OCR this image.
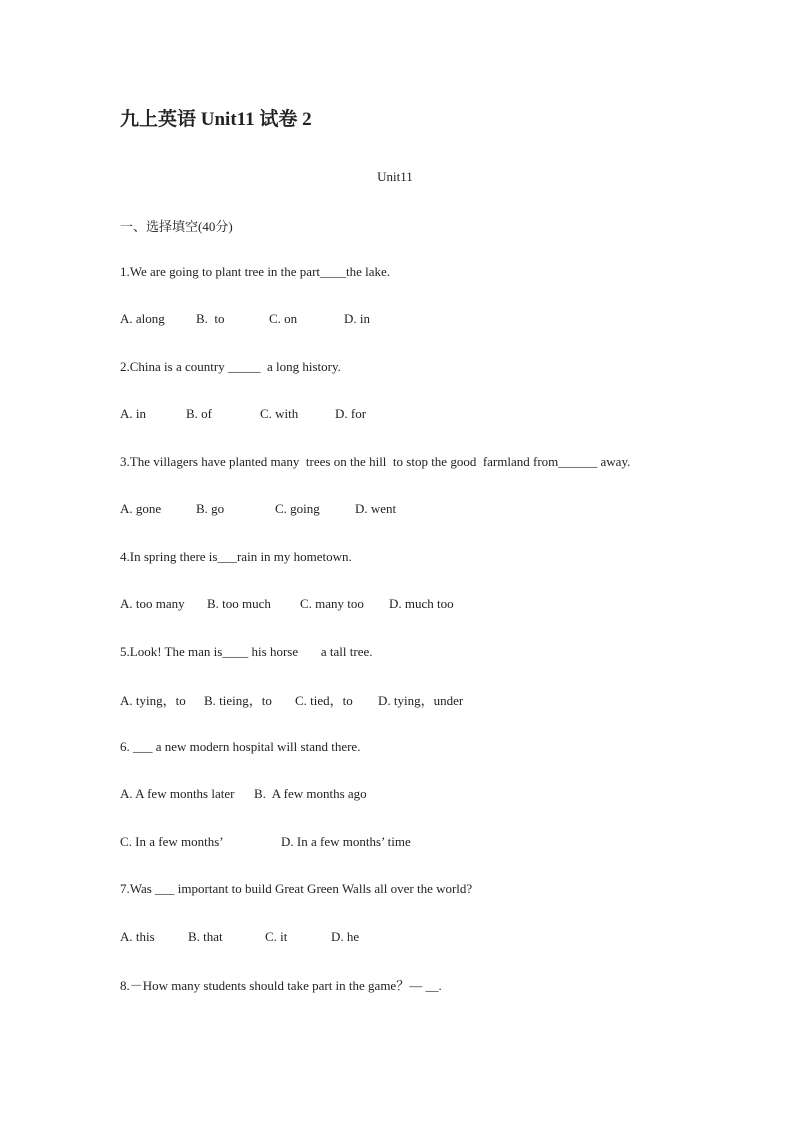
九上英语 Unit11 试卷 2
Unit11
一、选择填空(40分)
1.We are going to plant tree in the part____the lake.

A. along

B.  to

	C. on

	D. in

2.China is a country _____  a long history.

A. in

	B. of

	C. with

	D. for

3.The villagers have planted many  trees on the hill  to stop the good  farmland from______ away.

A. gone

	B. go

	C. going

	D. went

4.In spring there is___rain in my hometown.

A. too many

B. too much

C. many too

D. much too

5.Look! The man is____ his horse       a tall tree.

A. tying，to

B. tieing，to

C. tied，to

D. tying，under

6. ___ a new modern hospital will stand there.

A. A few months later

B.  A few months ago

C. In a few months’

	D. In a few months’ time

7.Was ___ important to build Great Green Walls all over the world?

A. this

	B. that

	C. it

	D. he

8.－How many students should take part in the game？— __.
